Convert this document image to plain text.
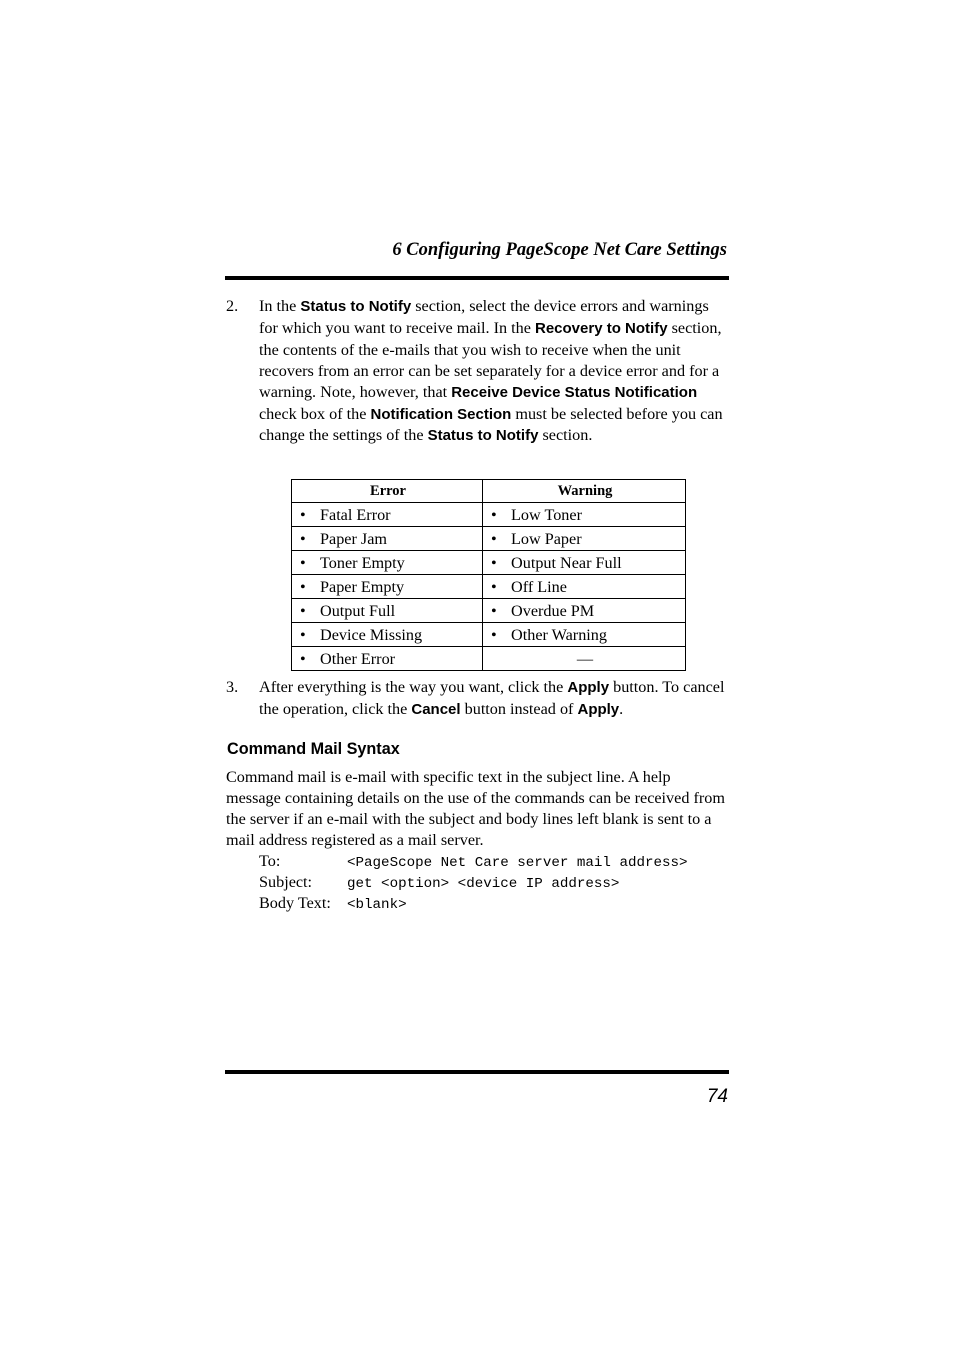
6 Configuring PageScope Net Care Settings
2.	In the Status to Notify section, select the device errors and warnings for which you want to receive mail. In the Recovery to Notify section, the contents of the e-mails that you wish to receive when the unit recovers from an error can be set separately for a device error and for a warning. Note, however, that Receive Device Status Notification check box of the Notification Section must be selected before you can change the settings of the Status to Notify section.
Error	Warning
• Fatal Error	• Low Toner
• Paper Jam	• Low Paper
• Toner Empty	• Output Near Full
• Paper Empty	• Off Line
• Output Full	• Overdue PM
• Device Missing	• Other Warning
• Other Error	—
3.	After everything is the way you want, click the Apply button. To cancel the operation, click the Cancel button instead of Apply.
Command Mail Syntax
Command mail is e-mail with specific text in the subject line. A help message containing details on the use of the commands can be received from the server if an e-mail with the subject and body lines left blank is sent to a mail address registered as a mail server.
To:	<PageScope Net Care server mail address>
Subject: get <option> <device IP address>
Body Text: <blank>
74
